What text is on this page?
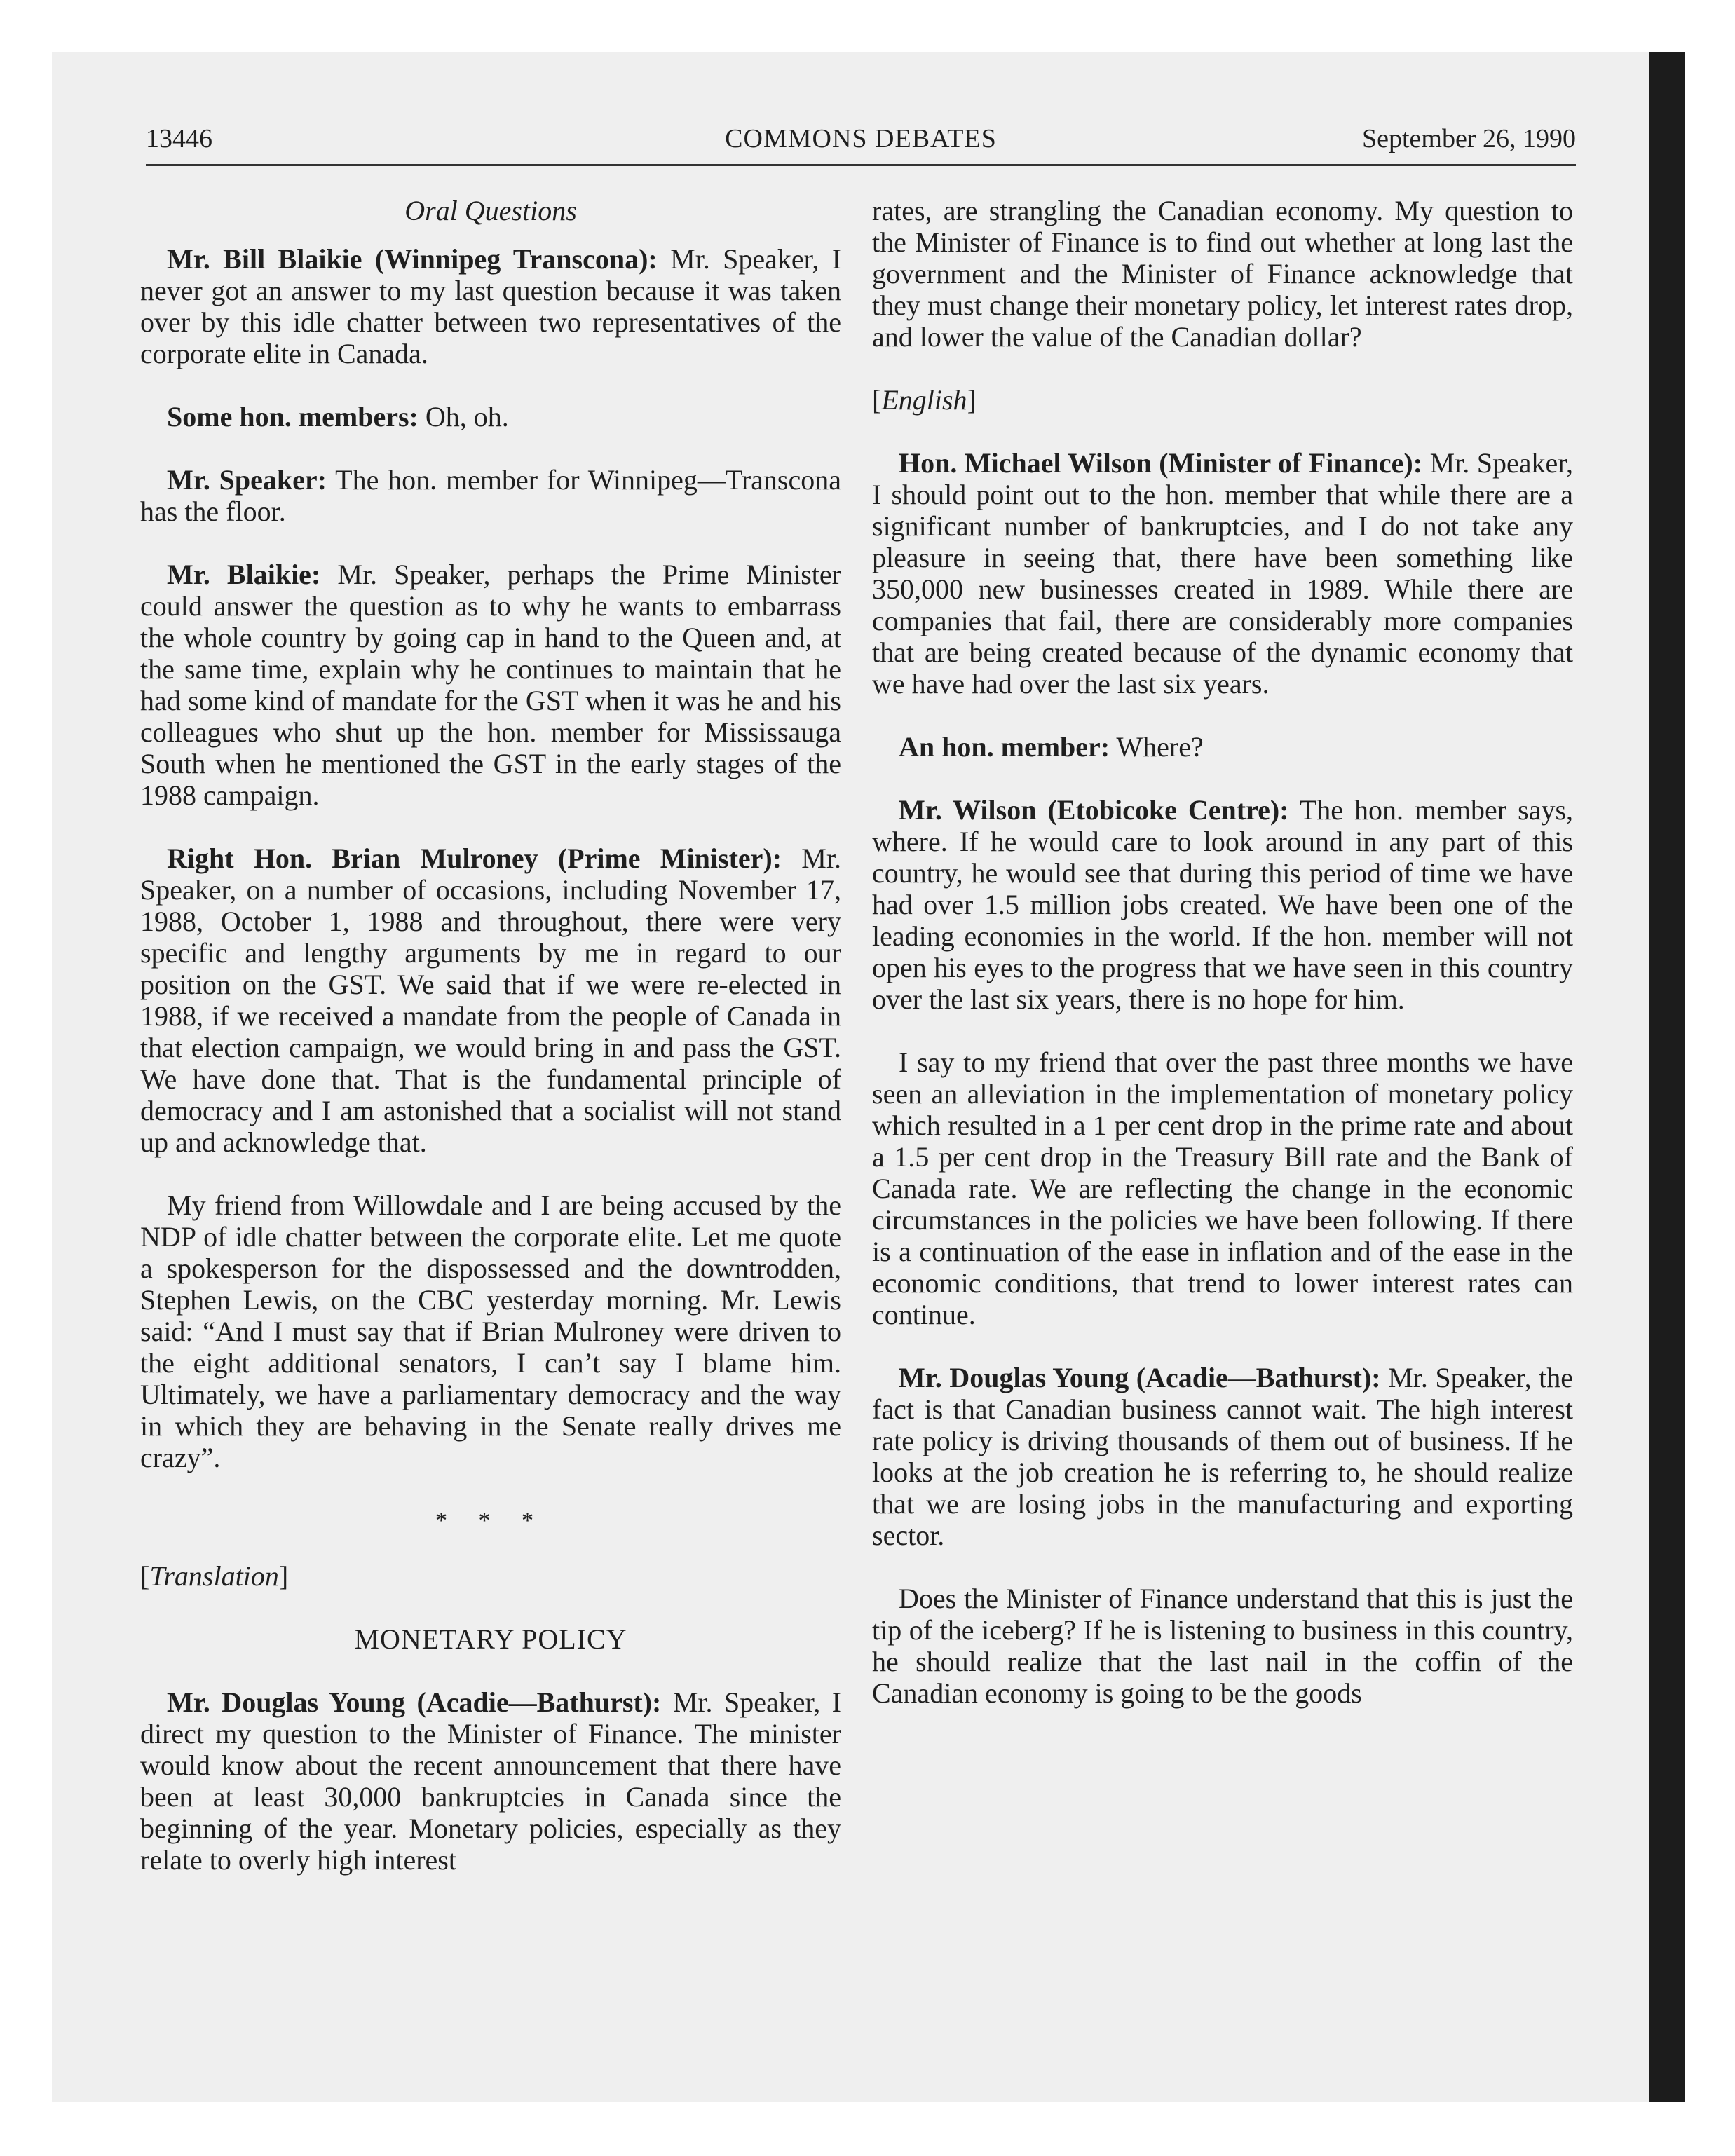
13446	COMMONS DEBATES	September 26, 1990
Oral Questions

Mr. Bill Blaikie (Winnipeg Transcona): Mr. Speaker, I never got an answer to my last question because it was taken over by this idle chatter between two representatives of the corporate elite in Canada.

Some hon. members: Oh, oh.

Mr. Speaker: The hon. member for Winnipeg—Transcona has the floor.

Mr. Blaikie: Mr. Speaker, perhaps the Prime Minister could answer the question as to why he wants to embarrass the whole country by going cap in hand to the Queen and, at the same time, explain why he continues to maintain that he had some kind of mandate for the GST when it was he and his colleagues who shut up the hon. member for Mississauga South when he mentioned the GST in the early stages of the 1988 campaign.

Right Hon. Brian Mulroney (Prime Minister): Mr. Speaker, on a number of occasions, including November 17, 1988, October 1, 1988 and throughout, there were very specific and lengthy arguments by me in regard to our position on the GST. We said that if we were re-elected in 1988, if we received a mandate from the people of Canada in that election campaign, we would bring in and pass the GST. We have done that. That is the fundamental principle of democracy and I am astonished that a socialist will not stand up and acknowledge that.

My friend from Willowdale and I are being accused by the NDP of idle chatter between the corporate elite. Let me quote a spokesperson for the dispossessed and the downtrodden, Stephen Lewis, on the CBC yesterday morning. Mr. Lewis said: “And I must say that if Brian Mulroney were driven to the eight additional senators, I can’t say I blame him. Ultimately, we have a parliamentary democracy and the way in which they are behaving in the Senate really drives me crazy”.

* * *
[Translation]
MONETARY POLICY

Mr. Douglas Young (Acadie—Bathurst): Mr. Speaker, I direct my question to the Minister of Finance. The minister would know about the recent announcement that there have been at least 30,000 bankruptcies in Canada since the beginning of the year. Monetary policies, especially as they relate to overly high interest

rates, are strangling the Canadian economy. My question to the Minister of Finance is to find out whether at long last the government and the Minister of Finance acknowledge that they must change their monetary policy, let interest rates drop, and lower the value of the Canadian dollar?

[English]

Hon. Michael Wilson (Minister of Finance): Mr. Speaker, I should point out to the hon. member that while there are a significant number of bankruptcies, and I do not take any pleasure in seeing that, there have been something like 350,000 new businesses created in 1989. While there are companies that fail, there are considerably more companies that are being created because of the dynamic economy that we have had over the last six years.

An hon. member: Where?

Mr. Wilson (Etobicoke Centre): The hon. member says, where. If he would care to look around in any part of this country, he would see that during this period of time we have had over 1.5 million jobs created. We have been one of the leading economies in the world. If the hon. member will not open his eyes to the progress that we have seen in this country over the last six years, there is no hope for him.

I say to my friend that over the past three months we have seen an alleviation in the implementation of monetary policy which resulted in a 1 per cent drop in the prime rate and about a 1.5 per cent drop in the Treasury Bill rate and the Bank of Canada rate. We are reflecting the change in the economic circumstances in the policies we have been following. If there is a continuation of the ease in inflation and of the ease in the economic conditions, that trend to lower interest rates can continue.

Mr. Douglas Young (Acadie—Bathurst): Mr. Speaker, the fact is that Canadian business cannot wait. The high interest rate policy is driving thousands of them out of business. If he looks at the job creation he is referring to, he should realize that we are losing jobs in the manufacturing and exporting sector.

Does the Minister of Finance understand that this is just the tip of the iceberg? If he is listening to business in this country, he should realize that the last nail in the coffin of the Canadian economy is going to be the goods
